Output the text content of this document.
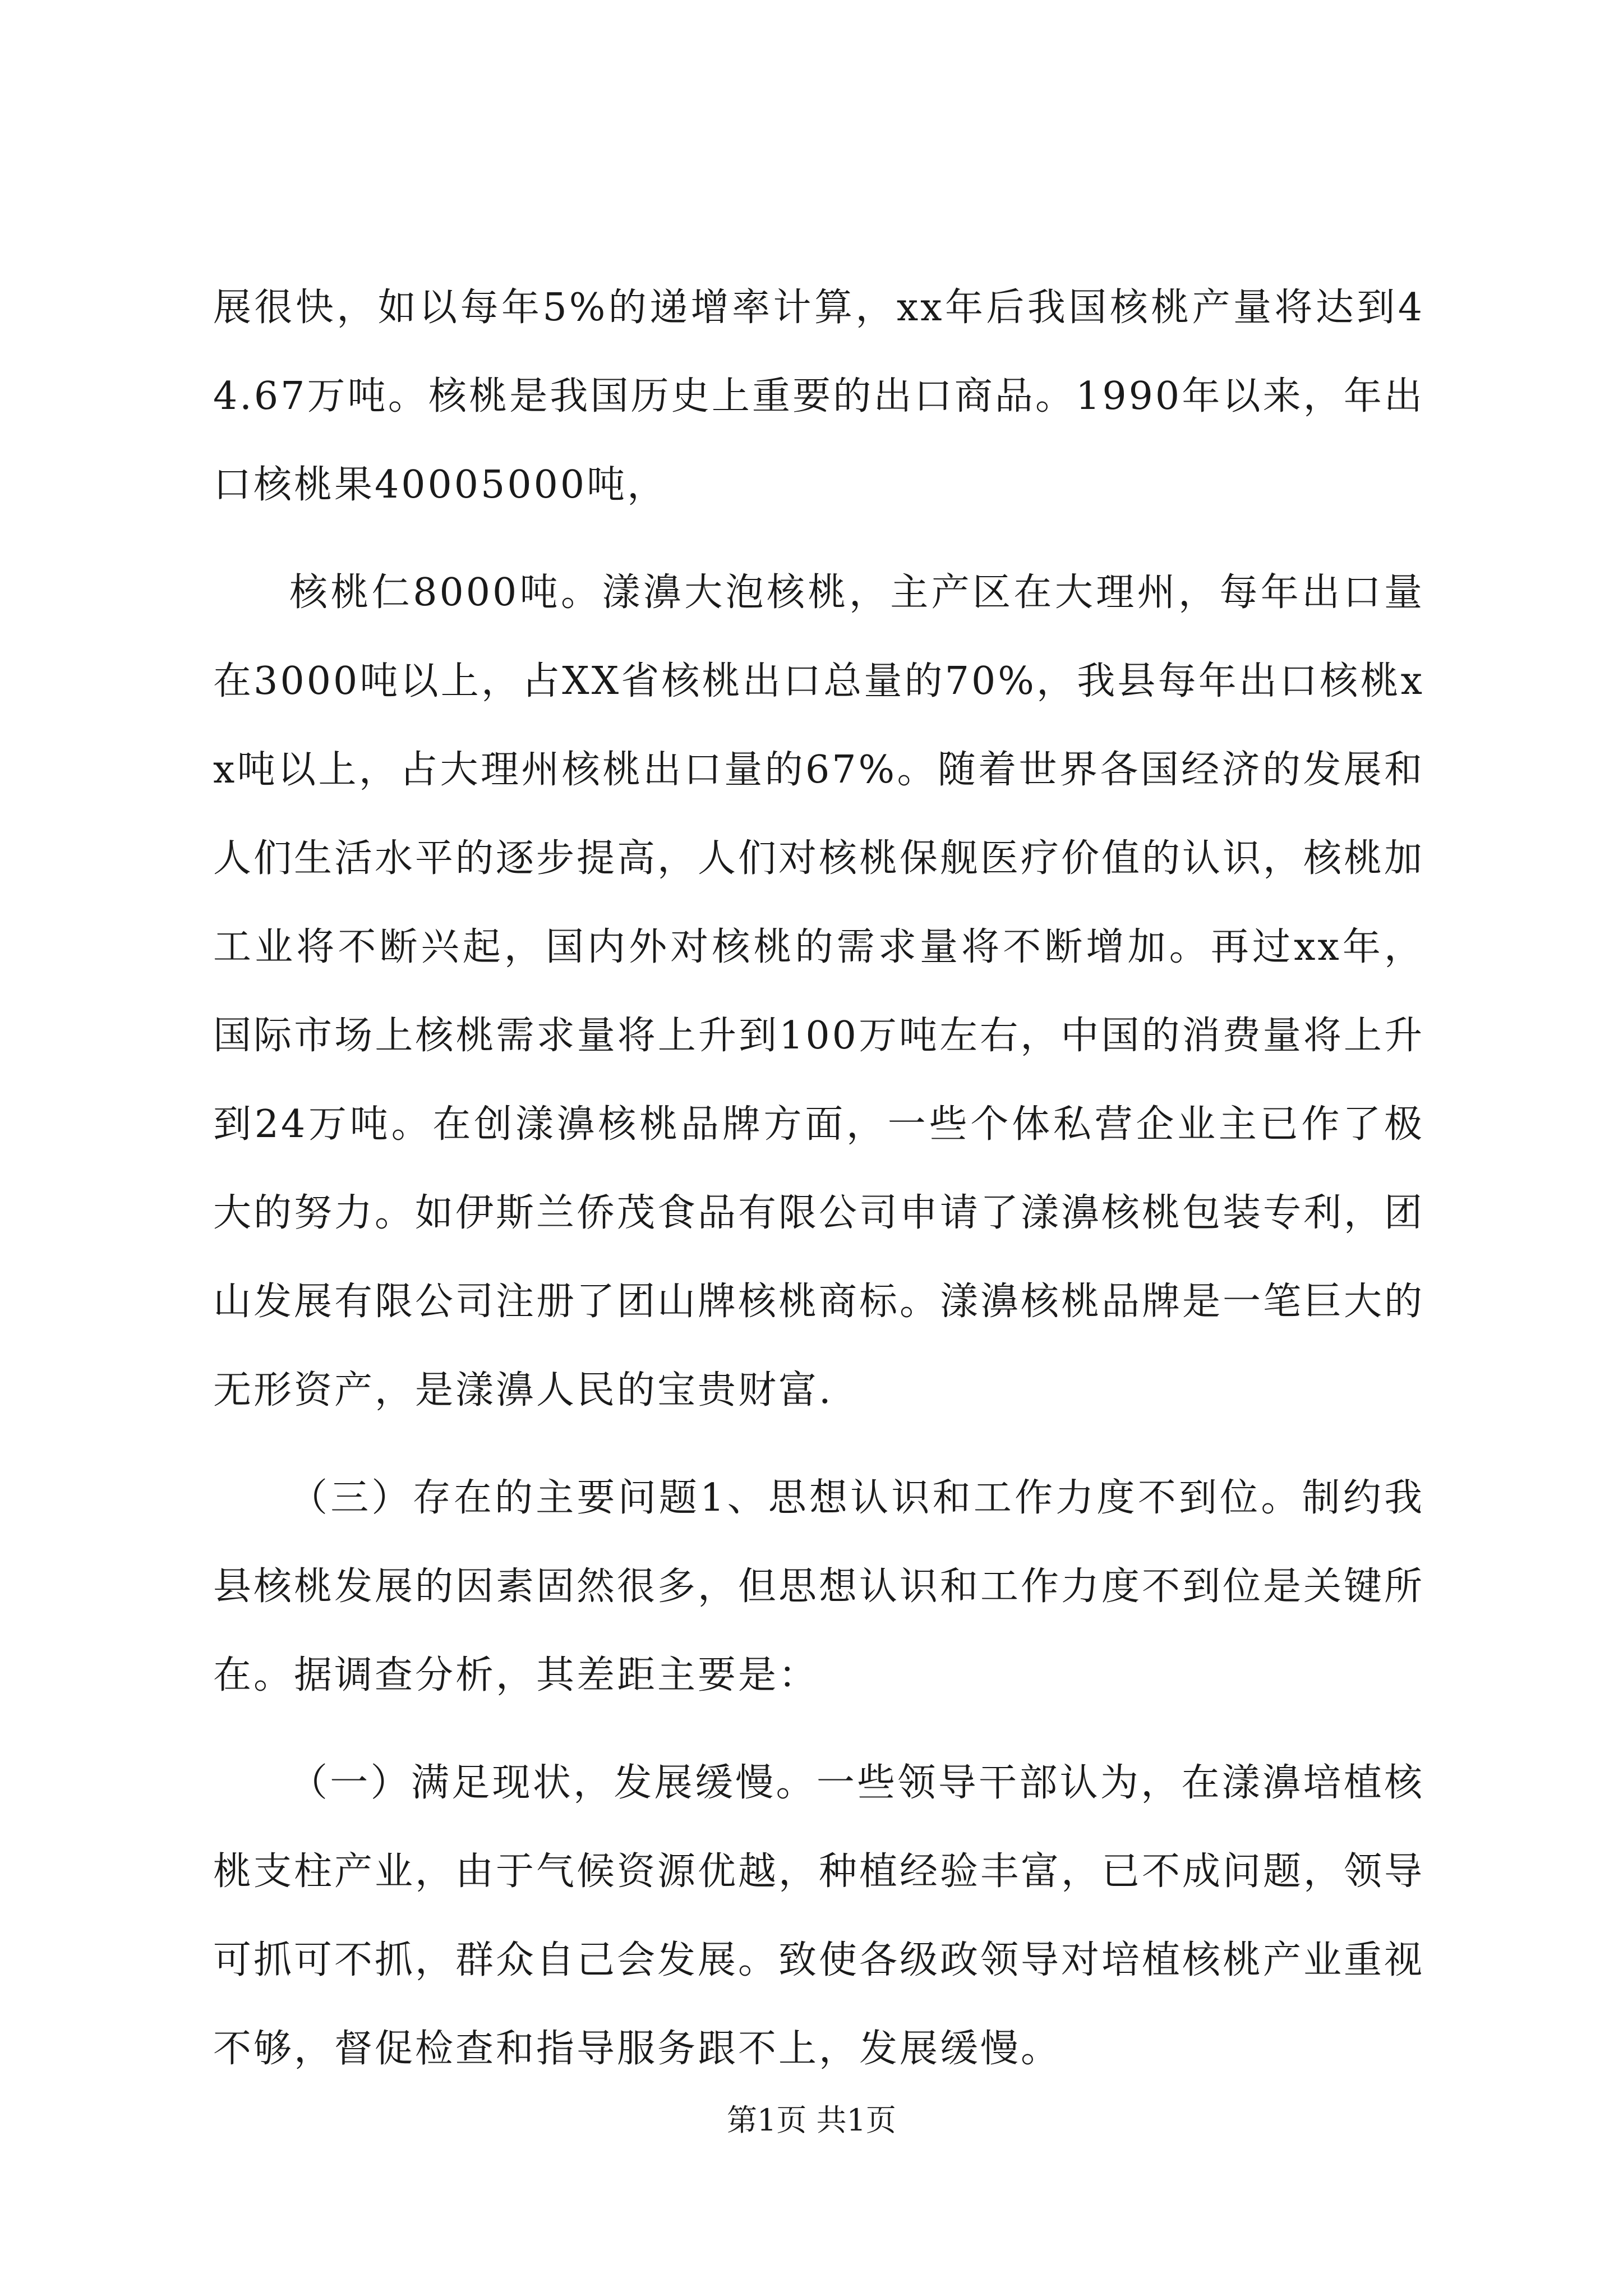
展很快，如以每年5%的递增率计算，xx年后我国核桃产量将达到44.67万吨。核桃是我国历史上重要的出口商品。1990年以来，年出口核桃果40005000吨，

核桃仁8000吨。漾濞大泡核桃，主产区在大理州，每年出口量在3000吨以上，占XX省核桃出口总量的70%，我县每年出口核桃xx吨以上，占大理州核桃出口量的67%。随着世界各国经济的发展和人们生活水平的逐步提高，人们对核桃保舰医疗价值的认识，核桃加工业将不断兴起，国内外对核桃的需求量将不断增加。再过xx年，国际市场上核桃需求量将上升到100万吨左右，中国的消费量将上升到24万吨。在创漾濞核桃品牌方面，一些个体私营企业主已作了极大的努力。如伊斯兰侨茂食品有限公司申请了漾濞核桃包装专利，团山发展有限公司注册了团山牌核桃商标。漾濞核桃品牌是一笔巨大的无形资产，是漾濞人民的宝贵财富.

（三）存在的主要问题1、思想认识和工作力度不到位。制约我县核桃发展的因素固然很多，但思想认识和工作力度不到位是关键所在。据调查分析，其差距主要是：

（一）满足现状，发展缓慢。一些领导干部认为，在漾濞培植核桃支柱产业，由于气候资源优越，种植经验丰富，已不成问题，领导可抓可不抓，群众自己会发展。致使各级政领导对培植核桃产业重视不够，督促检查和指导服务跟不上，发展缓慢。

第1页 共1页
